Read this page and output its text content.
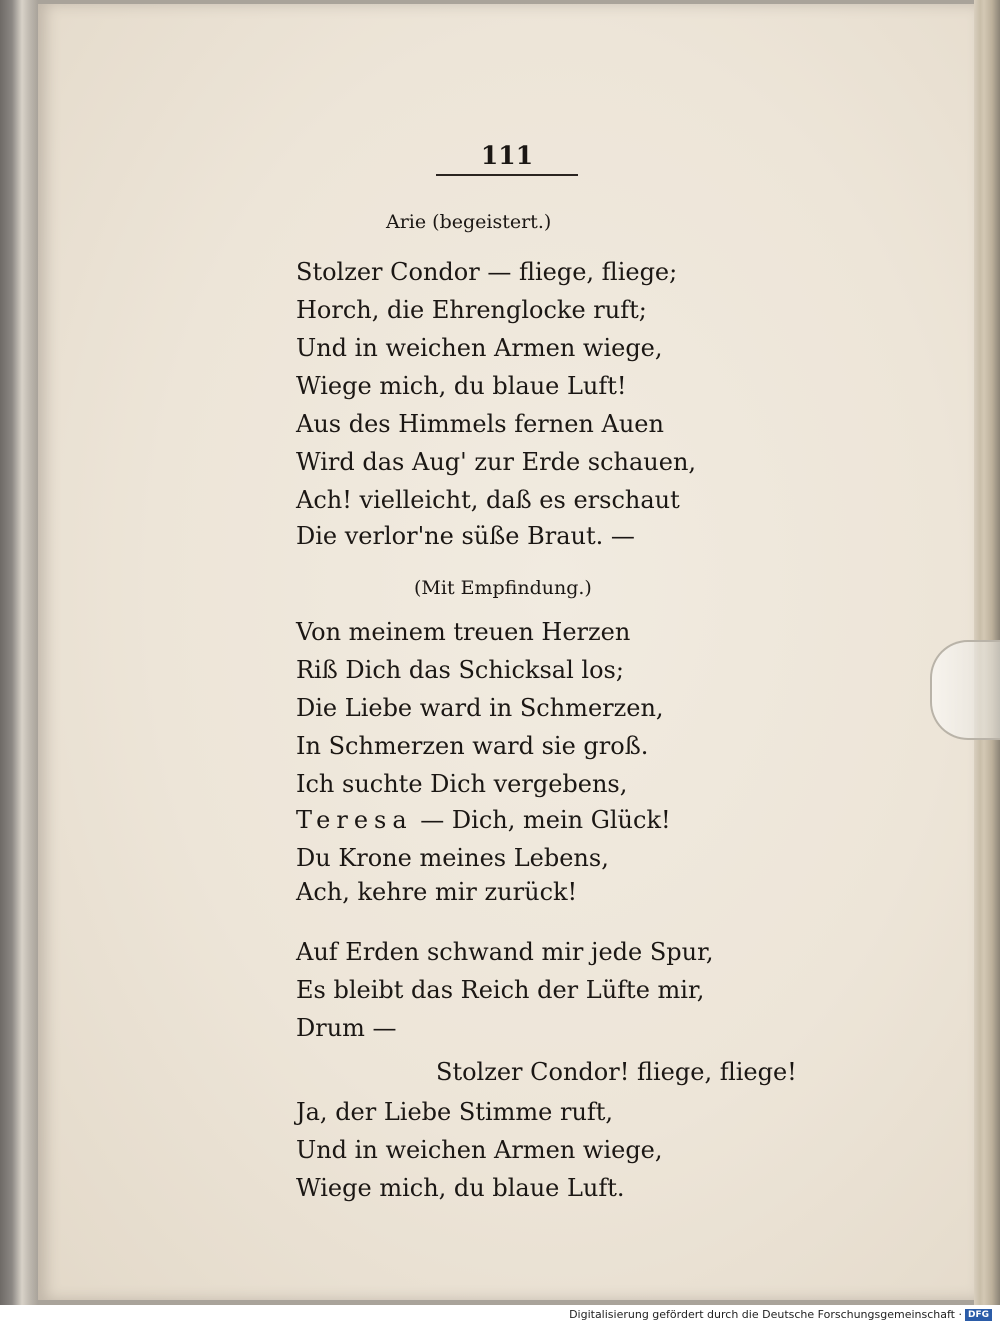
111

Arie (begeistert.)

Stolzer Condor — fliege, fliege;

Horch, die Ehrenglocke ruft;

Und in weichen Armen wiege,

Wiege mich, du blaue Luft!

Aus des Himmels fernen Auen

Wird das Aug' zur Erde schauen,

Ach! vielleicht, daß es erschaut

Die verlor'ne süße Braut. —

(Mit Empfindung.)

Von meinem treuen Herzen

Riß Dich das Schicksal los;

Die Liebe ward in Schmerzen,

In Schmerzen ward sie groß.

Ich suchte Dich vergebens,

Teresa — Dich, mein Glück!

Du Krone meines Lebens,

Ach, kehre mir zurück!

Auf Erden schwand mir jede Spur,

Es bleibt das Reich der Lüfte mir,

Drum —

Stolzer Condor! fliege, fliege!

Ja, der Liebe Stimme ruft,

Und in weichen Armen wiege,

Wiege mich, du blaue Luft.

Digitalisierung gefördert durch die Deutsche Forschungsgemeinschaft · DFG
